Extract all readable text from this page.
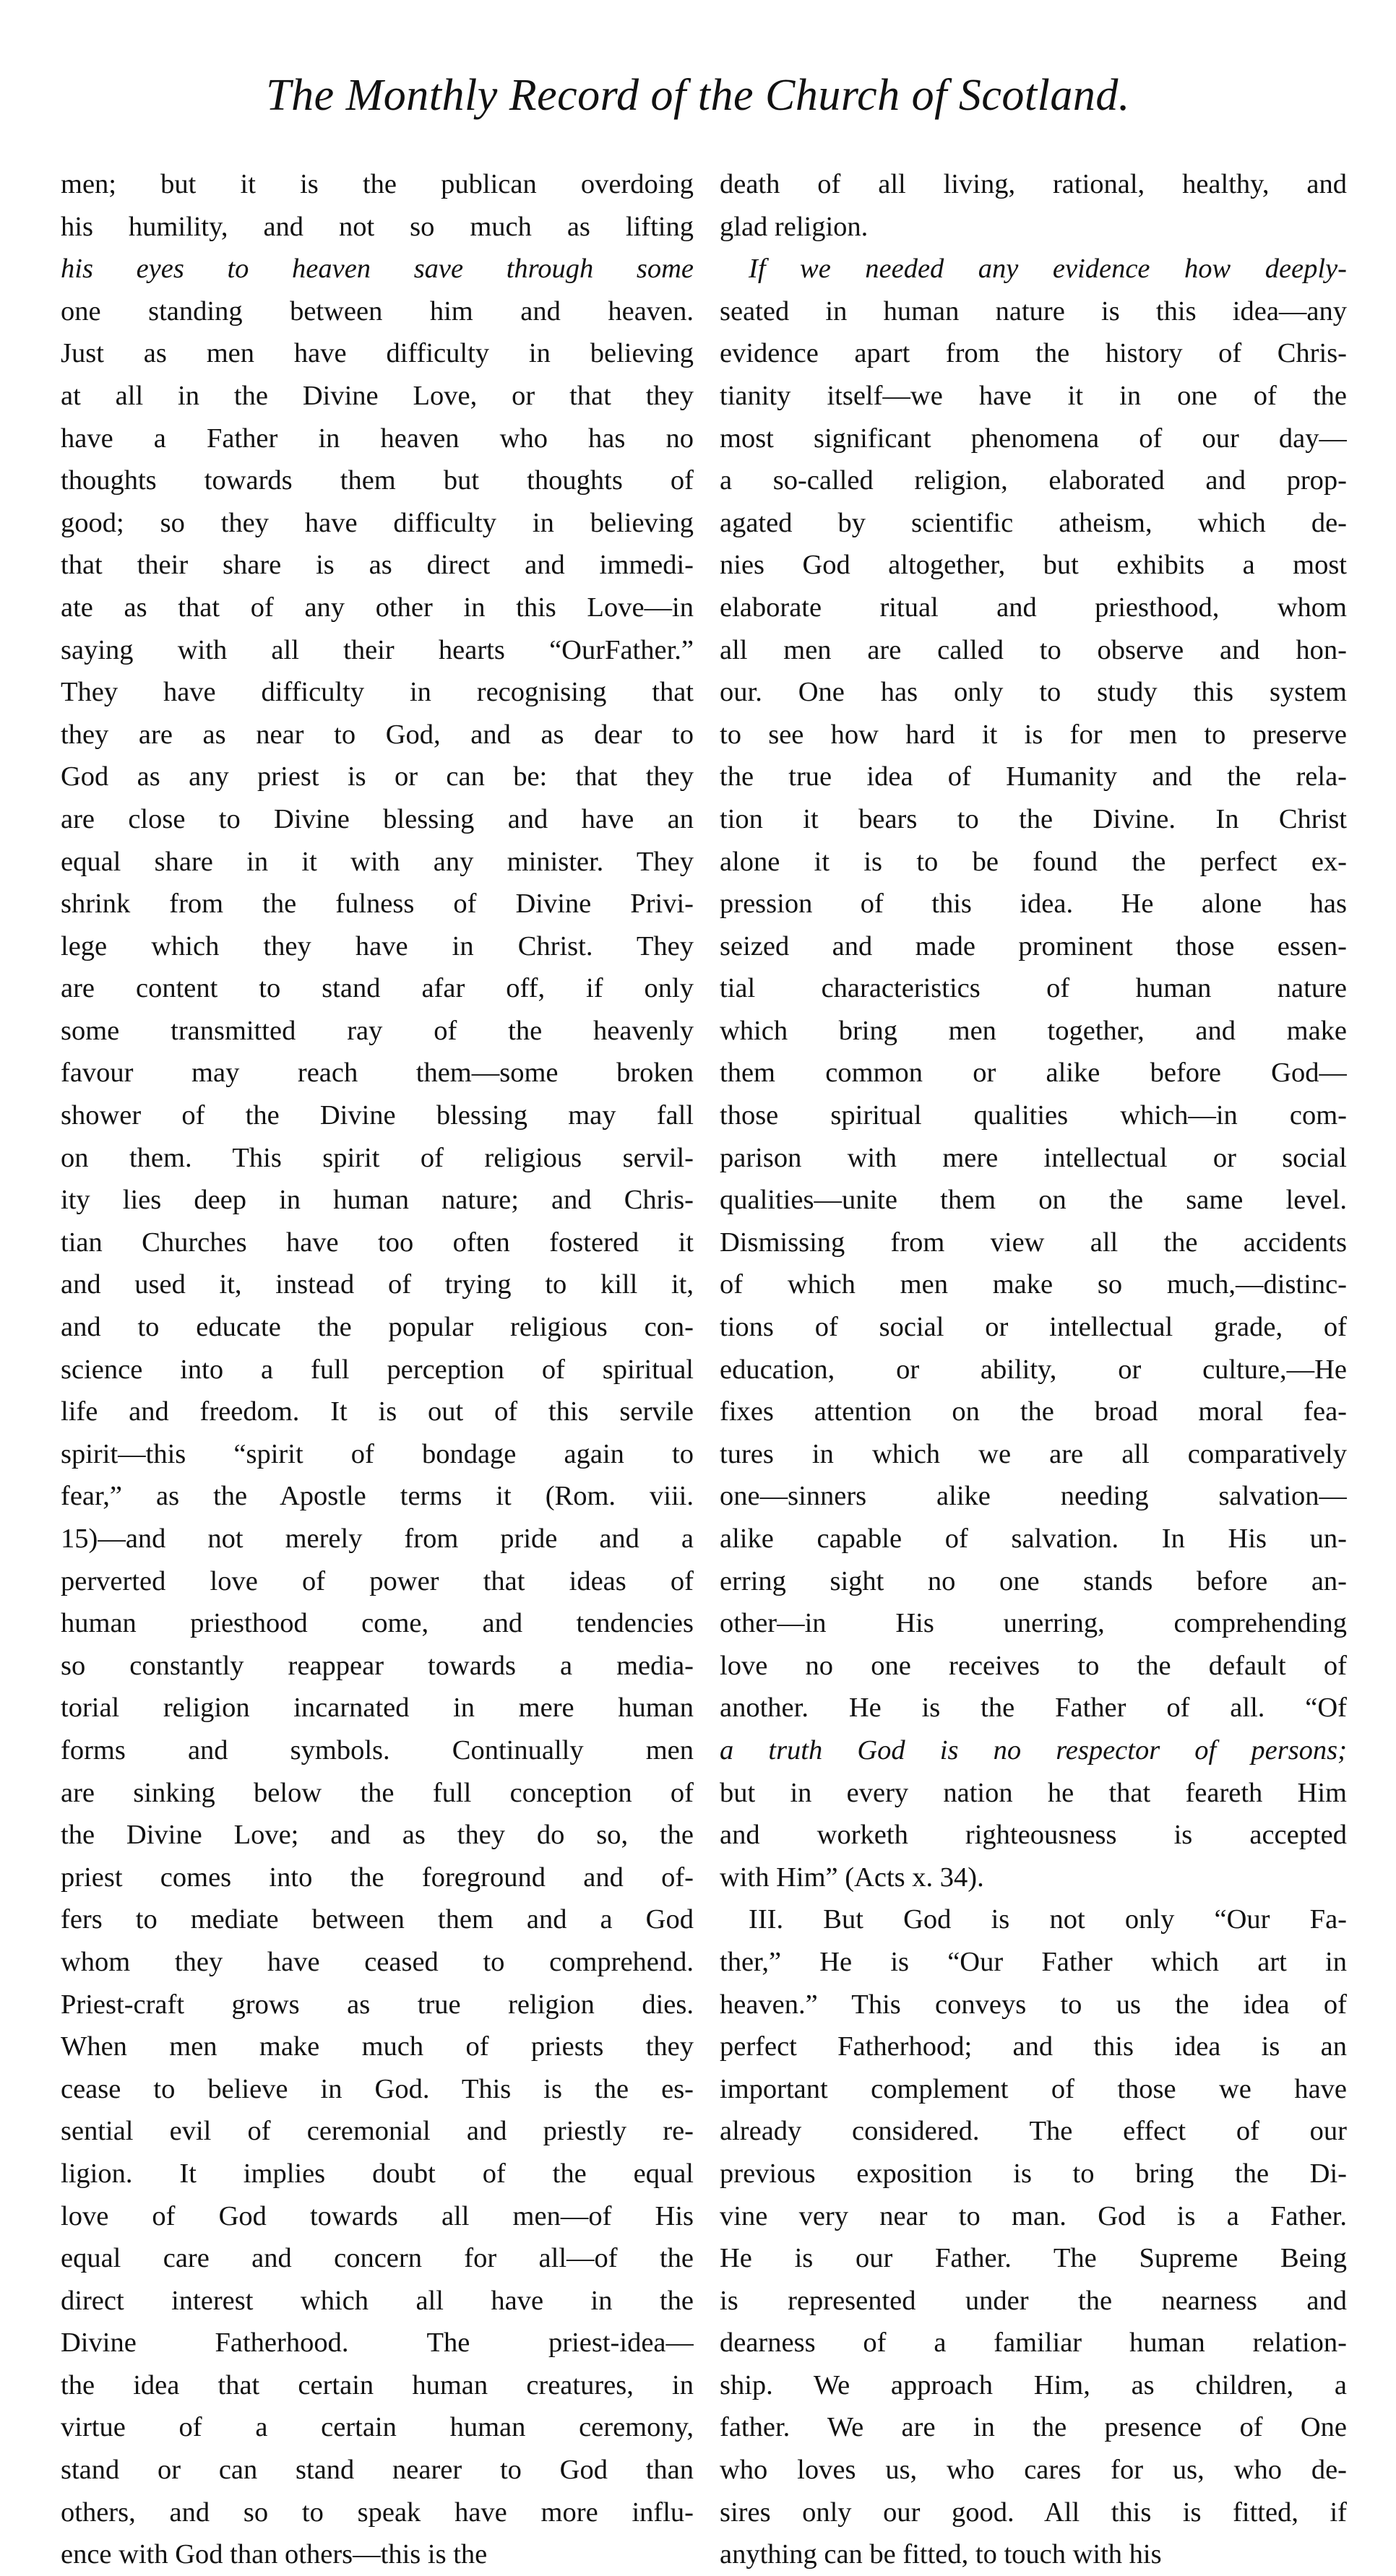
The Monthly Record of the Church of Scotland.
men; but it is the publican overdoing
his humility, and not so much as lifting
his eyes to heaven save through some
one standing between him and heaven.
Just as men have difficulty in believing
at all in the Divine Love, or that they
have a Father in heaven who has no
thoughts towards them but thoughts of
good; so they have difficulty in believing
that their share is as direct and immedi-
ate as that of any other in this Love—in
saying with all their hearts “OurFather.”
They have difficulty in recognising that
they are as near to God, and as dear to
God as any priest is or can be: that they
are close to Divine blessing and have an
equal share in it with any minister. They
shrink from the fulness of Divine Privi-
lege which they have in Christ. They
are content to stand afar off, if only
some transmitted ray of the heavenly
favour may reach them—some broken
shower of the Divine blessing may fall
on them. This spirit of religious servil-
ity lies deep in human nature; and Chris-
tian Churches have too often fostered it
and used it, instead of trying to kill it,
and to educate the popular religious con-
science into a full perception of spiritual
life and freedom. It is out of this servile
spirit—this “spirit of bondage again to
fear,” as the Apostle terms it (Rom. viii.
15)—and not merely from pride and a
perverted love of power that ideas of
human priesthood come, and tendencies
so constantly reappear towards a media-
torial religion incarnated in mere human
forms and symbols. Continually men
are sinking below the full conception of
the Divine Love; and as they do so, the
priest comes into the foreground and of-
fers to mediate between them and a God
whom they have ceased to comprehend.
Priest-craft grows as true religion dies.
When men make much of priests they
cease to believe in God. This is the es-
sential evil of ceremonial and priestly re-
ligion. It implies doubt of the equal
love of God towards all men—of His
equal care and concern for all—of the
direct interest which all have in the
Divine Fatherhood. The priest-idea—
the idea that certain human creatures, in
virtue of a certain human ceremony,
stand or can stand nearer to God than
others, and so to speak have more influ-
ence with God than others—this is the
death of all living, rational, healthy, and
glad religion.
If we needed any evidence how deeply-
seated in human nature is this idea—any
evidence apart from the history of Chris-
tianity itself—we have it in one of the
most significant phenomena of our day—
a so-called religion, elaborated and prop-
agated by scientific atheism, which de-
nies God altogether, but exhibits a most
elaborate ritual and priesthood, whom
all men are called to observe and hon-
our. One has only to study this system
to see how hard it is for men to preserve
the true idea of Humanity and the rela-
tion it bears to the Divine. In Christ
alone it is to be found the perfect ex-
pression of this idea. He alone has
seized and made prominent those essen-
tial characteristics of human nature
which bring men together, and make
them common or alike before God—
those spiritual qualities which—in com-
parison with mere intellectual or social
qualities—unite them on the same level.
Dismissing from view all the accidents
of which men make so much,—distinc-
tions of social or intellectual grade, of
education, or ability, or culture,—He
fixes attention on the broad moral fea-
tures in which we are all comparatively
one—sinners alike needing salvation—
alike capable of salvation. In His un-
erring sight no one stands before an-
other—in His unerring, comprehending
love no one receives to the default of
another. He is the Father of all. “Of
a truth God is no respector of persons;
but in every nation he that feareth Him
and worketh righteousness is accepted
with Him” (Acts x. 34).
III. But God is not only “Our Fa-
ther,” He is “Our Father which art in
heaven.” This conveys to us the idea of
perfect Fatherhood; and this idea is an
important complement of those we have
already considered. The effect of our
previous exposition is to bring the Di-
vine very near to man. God is a Father.
He is our Father. The Supreme Being
is represented under the nearness and
dearness of a familiar human relation-
ship. We approach Him, as children, a
father. We are in the presence of One
who loves us, who cares for us, who de-
sires only our good. All this is fitted, if
anything can be fitted, to touch with his
